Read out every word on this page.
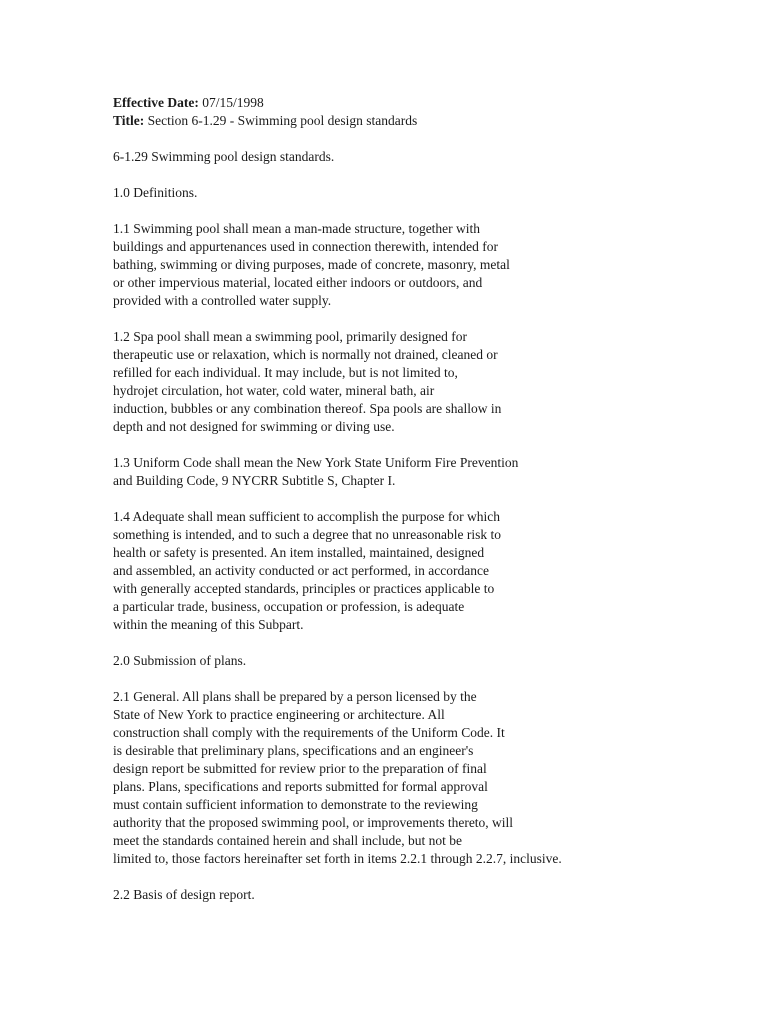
Effective Date: 07/15/1998
Title: Section 6-1.29 - Swimming pool design standards
6-1.29 Swimming pool design standards.
1.0 Definitions.
1.1 Swimming pool shall mean a man-made structure, together with
buildings and appurtenances used in connection therewith, intended for
bathing, swimming or diving purposes, made of concrete, masonry, metal
or other impervious material, located either indoors or outdoors, and
provided with a controlled water supply.
1.2 Spa pool shall mean a swimming pool, primarily designed for
therapeutic use or relaxation, which is normally not drained, cleaned or
refilled for each individual. It may include, but is not limited to,
hydrojet circulation, hot water, cold water, mineral bath, air
induction, bubbles or any combination thereof. Spa pools are shallow in
depth and not designed for swimming or diving use.
1.3 Uniform Code shall mean the New York State Uniform Fire Prevention
and Building Code, 9 NYCRR Subtitle S, Chapter I.
1.4 Adequate shall mean sufficient to accomplish the purpose for which
something is intended, and to such a degree that no unreasonable risk to
health or safety is presented. An item installed, maintained, designed
and assembled, an activity conducted or act performed, in accordance
with generally accepted standards, principles or practices applicable to
a particular trade, business, occupation or profession, is adequate
within the meaning of this Subpart.
2.0 Submission of plans.
2.1 General. All plans shall be prepared by a person licensed by the
State of New York to practice engineering or architecture. All
construction shall comply with the requirements of the Uniform Code. It
is desirable that preliminary plans, specifications and an engineer's
design report be submitted for review prior to the preparation of final
plans. Plans, specifications and reports submitted for formal approval
must contain sufficient information to demonstrate to the reviewing
authority that the proposed swimming pool, or improvements thereto, will
meet the standards contained herein and shall include, but not be
limited to, those factors hereinafter set forth in items 2.2.1 through 2.2.7, inclusive.
2.2 Basis of design report.
